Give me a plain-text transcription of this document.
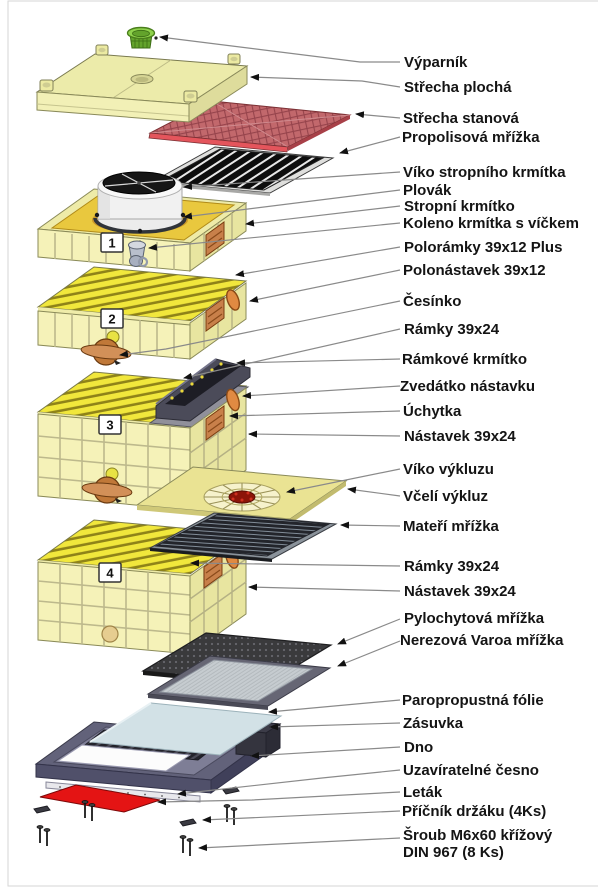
1
2
3
4
Výparník
Střecha plochá
Střecha stanová
Propolisová mřížka
Víko stropního krmítka
Plovák
Stropní krmítko
Koleno krmítka s víčkem
Polorámky 39x12 Plus
Polonástavek 39x12
Česínko
Rámky 39x24
Rámkové krmítko
Zvedátko nástavku
Úchytka
Nástavek 39x24
Víko výkluzu
Včelí výkluz
Mateří mřížka
Rámky 39x24
Nástavek 39x24
Pylochytová mřížka
Nerezová Varoa mřížka
Paropropustná fólie
Zásuvka
Dno
Uzavíratelné česno
Leták
Příčník držáku (4Ks)
Šroub M6x60 křížový
DIN 967 (8 Ks)
